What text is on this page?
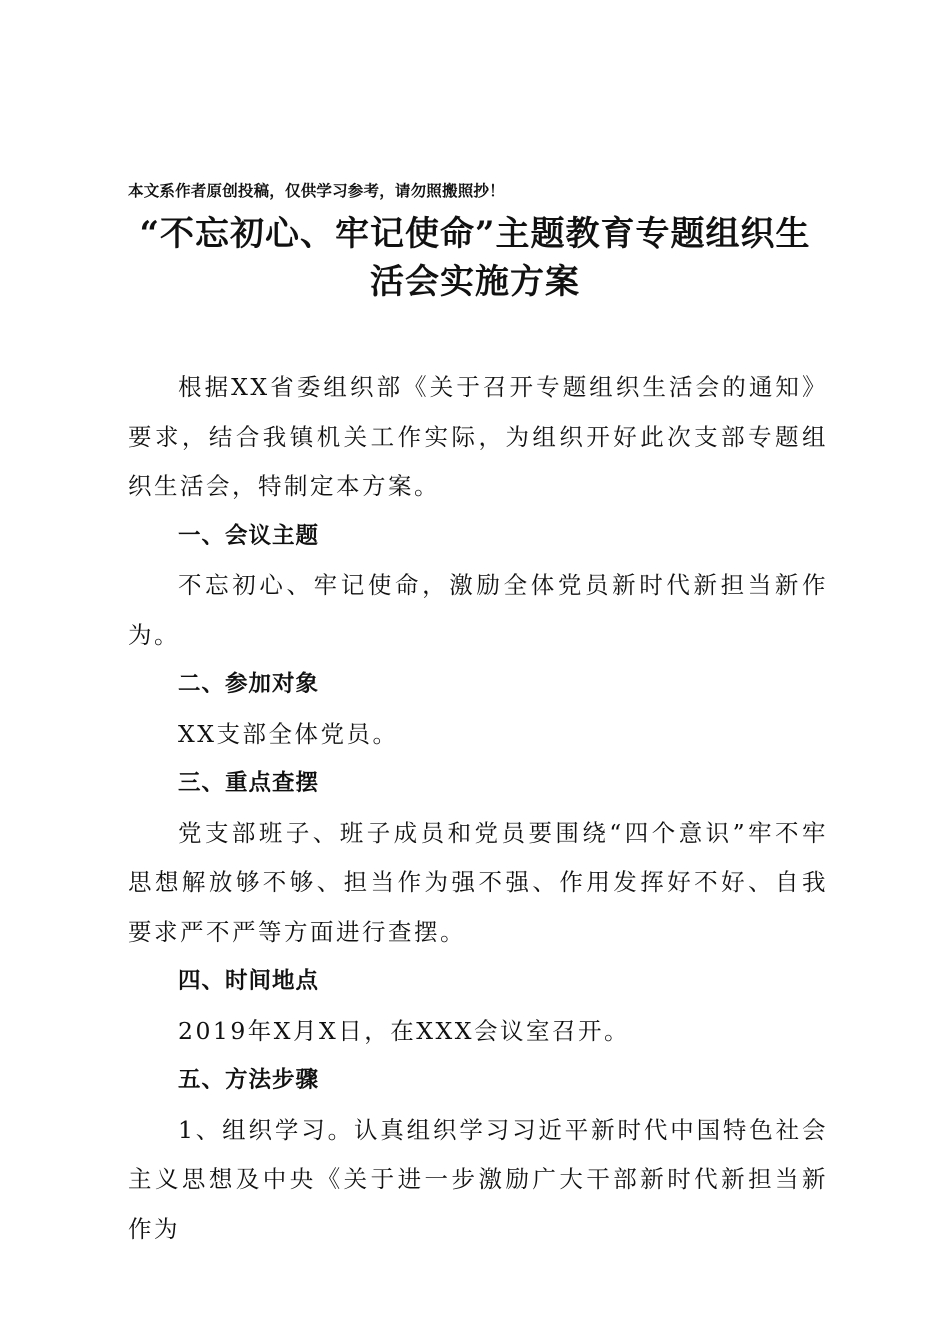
本文系作者原创投稿，仅供学习参考，请勿照搬照抄！
“不忘初心、牢记使命”主题教育专题组织生
活会实施方案

根据XX省委组织部《关于召开专题组织生活会的通知》要求，结合我镇机关工作实际，为组织开好此次支部专题组织生活会，特制定本方案。

一、会议主题

不忘初心、牢记使命，激励全体党员新时代新担当新作为。

二、参加对象

XX支部全体党员。

三、重点查摆

党支部班子、班子成员和党员要围绕“四个意识”牢不牢思想解放够不够、担当作为强不强、作用发挥好不好、自我要求严不严等方面进行查摆。

四、时间地点

2019年X月X日，在XXX会议室召开。

五、方法步骤

1、组织学习。认真组织学习习近平新时代中国特色社会主义思想及中央《关于进一步激励广大干部新时代新担当新作为
